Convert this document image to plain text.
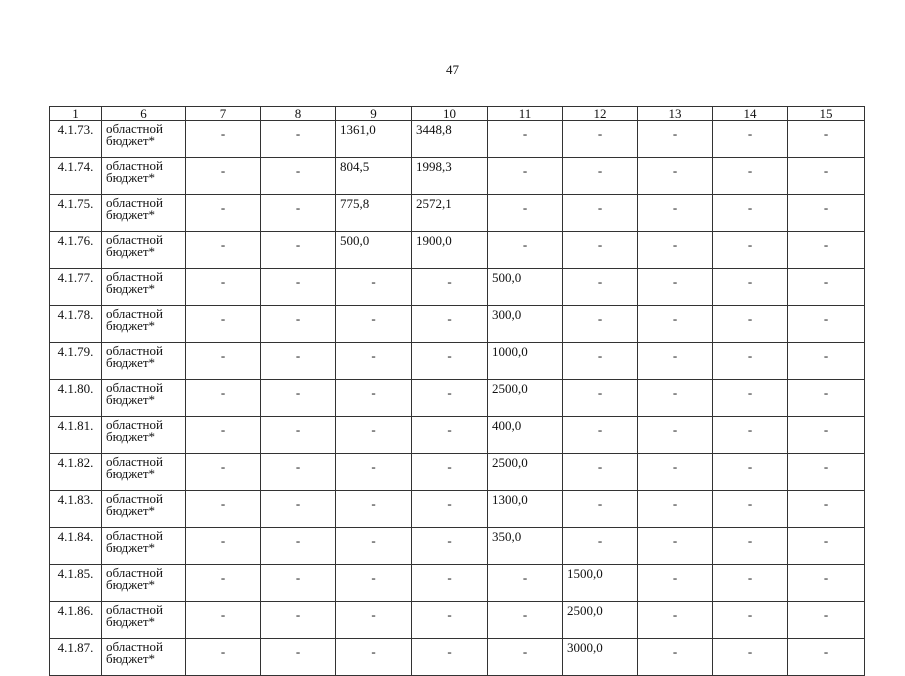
47
1	6	7	8	9	10	11	12	13	14	15
4.1.73.	областной бюджет*	-	-	1361,0	3448,8	-	-	-	-	-
4.1.74.	областной бюджет*	-	-	804,5	1998,3	-	-	-	-	-
4.1.75.	областной бюджет*	-	-	775,8	2572,1	-	-	-	-	-
4.1.76.	областной бюджет*	-	-	500,0	1900,0	-	-	-	-	-
4.1.77.	областной бюджет*	-	-	-	-	500,0	-	-	-	-
4.1.78.	областной бюджет*	-	-	-	-	300,0	-	-	-	-
4.1.79.	областной бюджет*	-	-	-	-	1000,0	-	-	-	-
4.1.80.	областной бюджет*	-	-	-	-	2500,0	-	-	-	-
4.1.81.	областной бюджет*	-	-	-	-	400,0	-	-	-	-
4.1.82.	областной бюджет*	-	-	-	-	2500,0	-	-	-	-
4.1.83.	областной бюджет*	-	-	-	-	1300,0	-	-	-	-
4.1.84.	областной бюджет*	-	-	-	-	350,0	-	-	-	-
4.1.85.	областной бюджет*	-	-	-	-	-	1500,0	-	-	-
4.1.86.	областной бюджет*	-	-	-	-	-	2500,0	-	-	-
4.1.87.	областной бюджет*	-	-	-	-	-	3000,0	-	-	-
